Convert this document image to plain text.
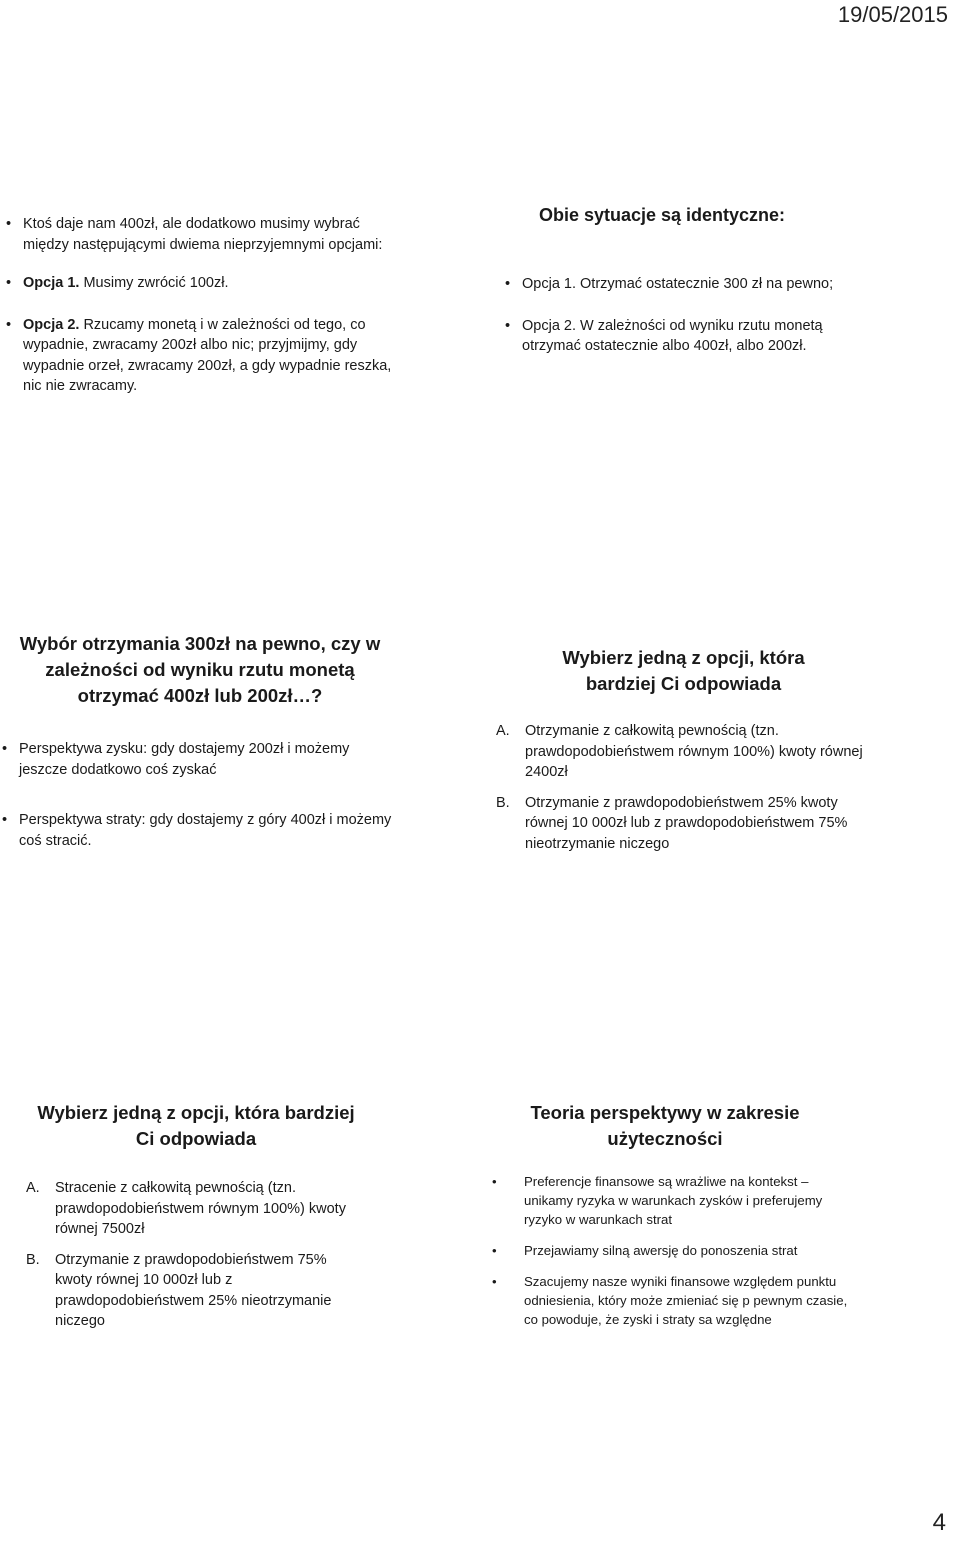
19/05/2015
• Ktoś daje nam 400zł, ale dodatkowo musimy wybrać między następującymi dwiema nieprzyjemnymi opcjami:
• Opcja 1. Musimy zwrócić 100zł.
• Opcja 2. Rzucamy monetą i w zależności od tego, co wypadnie, zwracamy 200zł albo nic; przyjmijmy, gdy wypadnie orzeł, zwracamy 200zł, a gdy wypadnie reszka, nic nie zwracamy.
Obie sytuacje są identyczne:
• Opcja 1. Otrzymać ostatecznie 300 zł na pewno;
• Opcja 2. W zależności od wyniku rzutu monetą otrzymać ostatecznie albo 400zł, albo 200zł.
Wybór otrzymania 300zł na pewno, czy w zależności od wyniku rzutu monetą otrzymać 400zł lub 200zł…?
• Perspektywa zysku: gdy dostajemy 200zł i możemy jeszcze dodatkowo coś zyskać
• Perspektywa straty: gdy dostajemy z góry 400zł i możemy coś stracić.
Wybierz jedną z opcji, która bardziej Ci odpowiada
A. Otrzymanie z całkowitą pewnością (tzn. prawdopodobieństwem równym 100%) kwoty równej 2400zł
B. Otrzymanie z prawdopodobieństwem 25% kwoty równej 10 000zł lub z prawdopodobieństwem 75% nieotrzymanie niczego
Wybierz jedną z opcji, która bardziej Ci odpowiada
A. Stracenie z całkowitą pewnością (tzn. prawdopodobieństwem równym 100%) kwoty równej 7500zł
B. Otrzymanie z prawdopodobieństwem 75% kwoty równej 10 000zł lub z prawdopodobieństwem 25% nieotrzymanie niczego
Teoria perspektywy w zakresie użyteczności
• Preferencje finansowe są wrażliwe na kontekst – unikamy ryzyka w warunkach zysków i preferujemy ryzyko w warunkach strat
• Przejawiamy silną awersję do ponoszenia strat
• Szacujemy nasze wyniki finansowe względem punktu odniesienia, który może zmieniać się p pewnym czasie, co powoduje, że zyski i straty sa względne
4
